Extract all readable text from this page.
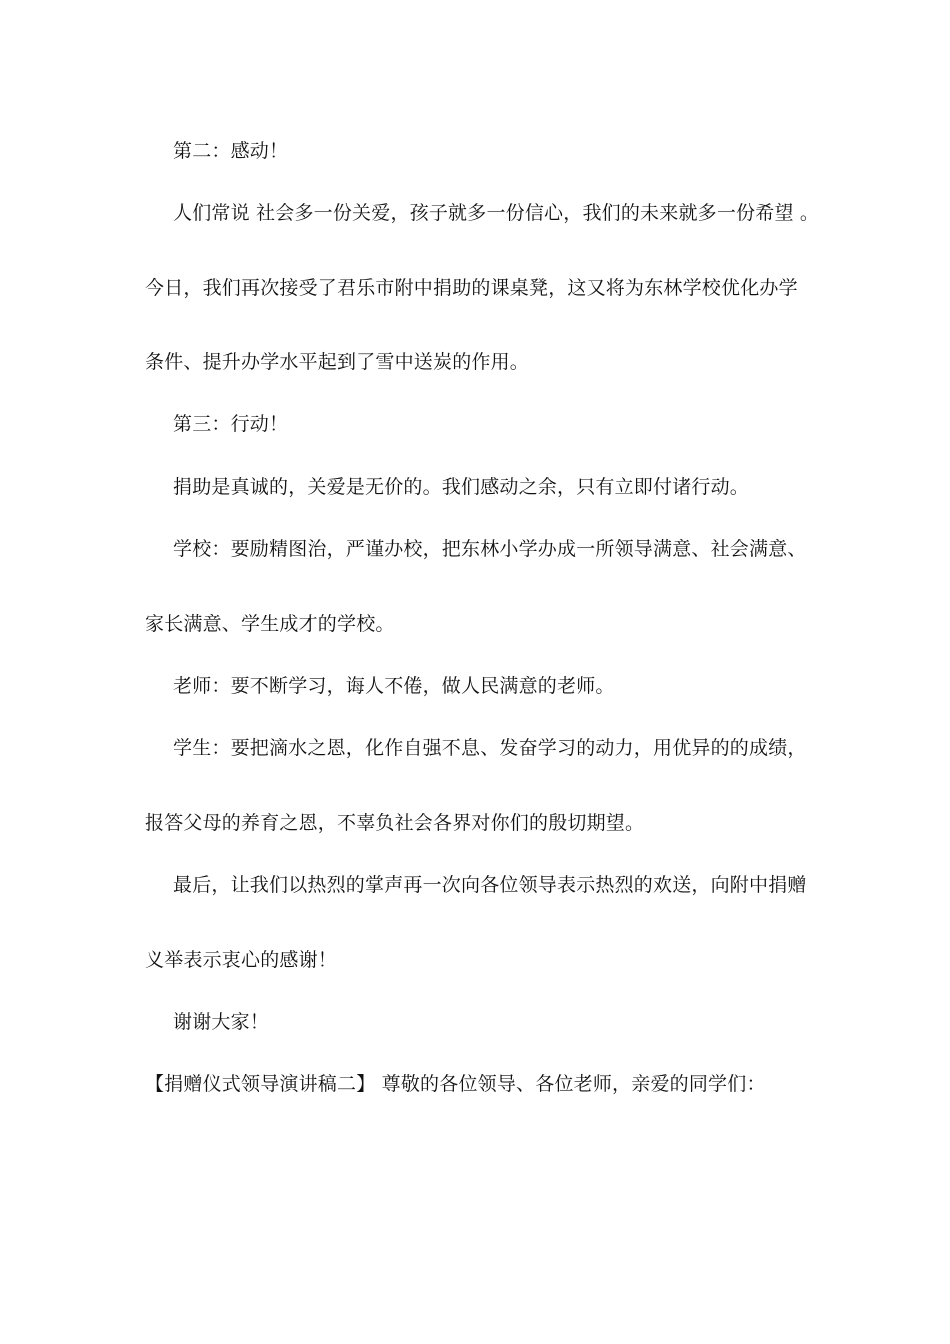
第二：感动！
人们常说 社会多一份关爱，孩子就多一份信心，我们的未来就多一份希望 。
今日，我们再次接受了君乐市附中捐助的课桌凳，这又将为东林学校优化办学
条件、提升办学水平起到了雪中送炭的作用。
第三：行动！
捐助是真诚的，关爱是无价的。我们感动之余，只有立即付诸行动。
学校：要励精图治，严谨办校，把东林小学办成一所领导满意、社会满意、
家长满意、学生成才的学校。
老师：要不断学习，诲人不倦，做人民满意的老师。
学生：要把滴水之恩，化作自强不息、发奋学习的动力，用优异的的成绩，
报答父母的养育之恩，不辜负社会各界对你们的殷切期望。
最后，让我们以热烈的掌声再一次向各位领导表示热烈的欢送，向附中捐赠
义举表示衷心的感谢！
谢谢大家！
【捐赠仪式领导演讲稿二】 尊敬的各位领导、各位老师，亲爱的同学们：
